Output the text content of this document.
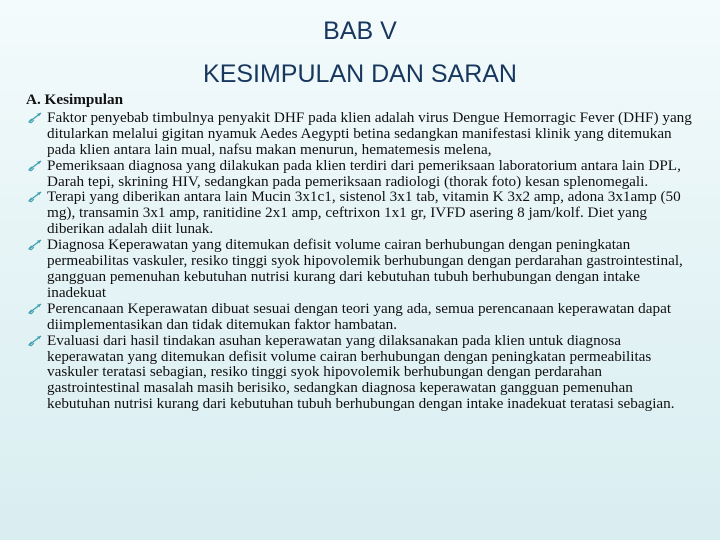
BAB V
KESIMPULAN DAN SARAN
A. Kesimpulan
Faktor penyebab timbulnya penyakit DHF pada klien adalah virus Dengue Hemorragic Fever (DHF) yang ditularkan melalui gigitan nyamuk Aedes Aegypti betina sedangkan manifestasi klinik yang ditemukan pada klien antara lain mual, nafsu makan menurun, hematemesis melena,
Pemeriksaan diagnosa yang dilakukan pada klien terdiri dari pemeriksaan laboratorium antara lain DPL, Darah tepi, skrining HIV, sedangkan pada pemeriksaan radiologi (thorak foto) kesan splenomegali.
Terapi yang diberikan antara lain Mucin 3x1c1, sistenol 3x1 tab, vitamin K 3x2 amp, adona 3x1amp (50 mg), transamin 3x1 amp, ranitidine 2x1 amp, ceftrixon 1x1 gr, IVFD asering 8 jam/kolf. Diet yang diberikan adalah diit lunak.
Diagnosa Keperawatan yang ditemukan defisit volume cairan berhubungan dengan peningkatan permeabilitas vaskuler, resiko tinggi syok hipovolemik berhubungan dengan perdarahan gastrointestinal, gangguan pemenuhan kebutuhan nutrisi kurang dari kebutuhan tubuh berhubungan dengan intake inadekuat
Perencanaan Keperawatan dibuat sesuai dengan teori yang ada, semua perencanaan keperawatan dapat diimplementasikan dan tidak ditemukan faktor hambatan.
Evaluasi dari hasil tindakan asuhan keperawatan yang dilaksanakan pada klien untuk diagnosa keperawatan yang ditemukan defisit volume cairan berhubungan dengan peningkatan permeabilitas vaskuler teratasi sebagian, resiko tinggi syok hipovolemik berhubungan dengan perdarahan gastrointestinal masalah masih berisiko, sedangkan diagnosa keperawatan gangguan pemenuhan kebutuhan nutrisi kurang dari kebutuhan tubuh berhubungan dengan intake inadekuat teratasi sebagian.
